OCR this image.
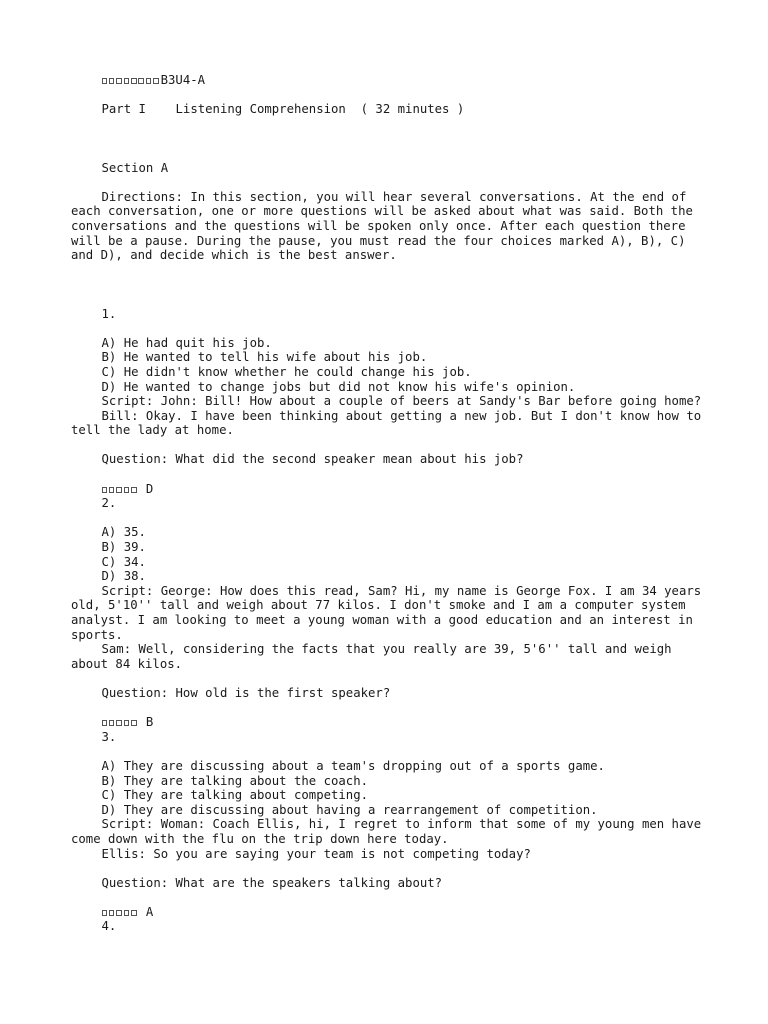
B3U4-A
Part I    Listening Comprehension  ( 32 minutes )
Section A

Directions: In this section, you will hear several conversations. At the end of each conversation, one or more questions will be asked about what was said. Both the conversations and the questions will be spoken only once. After each question there will be a pause. During the pause, you must read the four choices marked A), B), C) and D), and decide which is the best answer.

1.
A) He had quit his job.
B) He wanted to tell his wife about his job.
C) He didn't know whether he could change his job.
D) He wanted to change jobs but did not know his wife's opinion.

Script: John: Bill! How about a couple of beers at Sandy's Bar before going home?

Bill: Okay. I have been thinking about getting a new job. But I don't know how to tell the lady at home.

Question: What did the second speaker mean about his job?
D
2.
A) 35.
B) 39.
C) 34.
D) 38.

Script: George: How does this read, Sam? Hi, my name is George Fox. I am 34 years old, 5'10'' tall and weigh about 77 kilos. I don't smoke and I am a computer system analyst. I am looking to meet a young woman with a good education and an interest in sports.

Sam: Well, considering the facts that you really are 39, 5'6'' tall and weigh about 84 kilos.

Question: How old is the first speaker?
B
3.
A) They are discussing about a team's dropping out of a sports game.
B) They are talking about the coach.
C) They are talking about competing.
D) They are discussing about having a rearrangement of competition.

Script: Woman: Coach Ellis, hi, I regret to inform that some of my young men have come down with the flu on the trip down here today.

Ellis: So you are saying your team is not competing today?

Question: What are the speakers talking about?
A
4.
